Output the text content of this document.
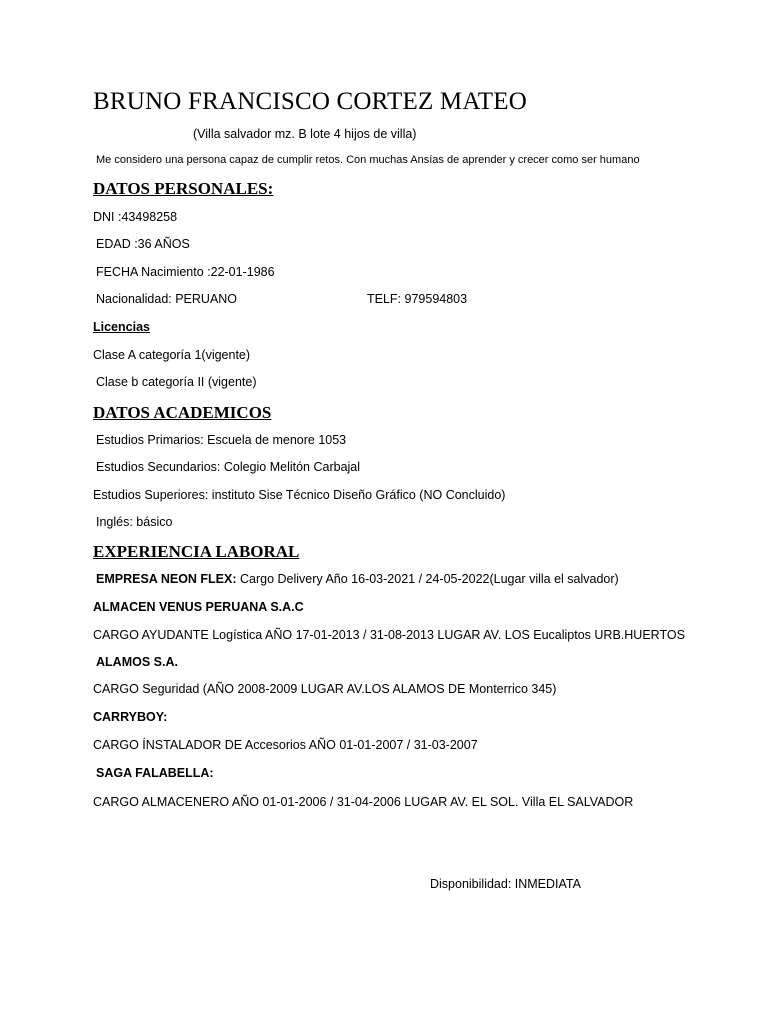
BRUNO FRANCISCO CORTEZ MATEO
(Villa salvador mz. B lote 4 hijos de villa)
Me considero una persona capaz de cumplir retos. Con muchas Ansías de aprender y crecer como ser humano
DATOS PERSONALES:
DNI :43498258
EDAD :36 AÑOS
FECHA Nacimiento :22-01-1986
Nacionalidad: PERUANO	TELF: 979594803
Licencias
Clase A categoría 1(vigente)
Clase b categoría II (vigente)
DATOS ACADEMICOS
Estudios Primarios: Escuela de menore 1053
Estudios Secundarios: Colegio Melitón Carbajal
Estudios Superiores: instituto Sise Técnico Diseño Gráfico (NO Concluido)
Inglés: básico
EXPERIENCIA LABORAL
EMPRESA NEON FLEX: Cargo Delivery Año 16-03-2021 / 24-05-2022(Lugar villa el salvador)
ALMACEN VENUS PERUANA S.A.C
CARGO AYUDANTE Logística AÑO 17-01-2013 / 31-08-2013 LUGAR AV. LOS Eucaliptos URB.HUERTOS
ALAMOS S.A.
CARGO Seguridad (AÑO 2008-2009 LUGAR AV.LOS ALAMOS DE Monterrico 345)
CARRYBOY:
CARGO ÍNSTALADOR DE Accesorios AÑO 01-01-2007 / 31-03-2007
SAGA FALABELLA:
CARGO ALMACENERO AÑO 01-01-2006 / 31-04-2006 LUGAR AV. EL SOL. Villa EL SALVADOR
Disponibilidad: INMEDIATA
